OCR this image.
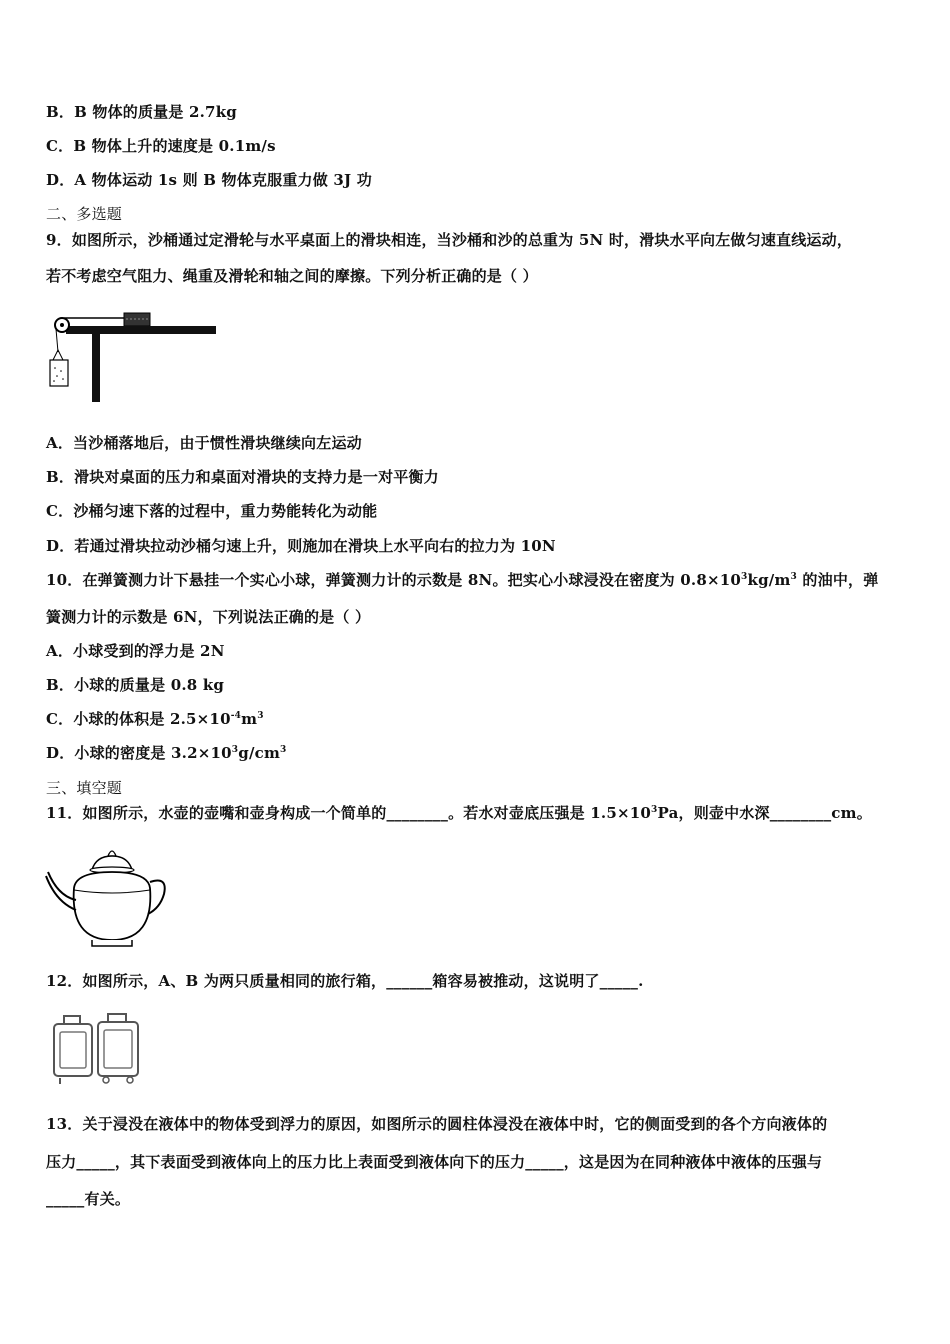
B．B 物体的质量是 2.7kg
C．B 物体上升的速度是 0.1m/s
D．A 物体运动 1s 则 B 物体克服重力做 3J 功
二、多选题
9．如图所示，沙桶通过定滑轮与水平桌面上的滑块相连，当沙桶和沙的总重为 5N 时，滑块水平向左做匀速直线运动，
若不考虑空气阻力、绳重及滑轮和轴之间的摩擦。下列分析正确的是（ ）
A．当沙桶落地后，由于惯性滑块继续向左运动
B．滑块对桌面的压力和桌面对滑块的支持力是一对平衡力
C．沙桶匀速下落的过程中，重力势能转化为动能
D．若通过滑块拉动沙桶匀速上升，则施加在滑块上水平向右的拉力为 10N
10．在弹簧测力计下悬挂一个实心小球，弹簧测力计的示数是 8N。把实心小球浸没在密度为 $0.8\times 10^3kg/m^3$ 的油中，弹
簧测力计的示数是 6N，下列说法正确的是（ ）
A．小球受到的浮力是 2N
B．小球的质量是 0.8 kg
C．小球的体积是 $2.5\times 10^{-4}m^3$
D．小球的密度是 $3.2\times 10^3g/cm^3$
三、填空题
11．如图所示，水壶的壶嘴和壶身构成一个简单的________。若水对壶底压强是 $1.5\times 10^3Pa$，则壶中水深________cm。
12．如图所示，A、B 为两只质量相同的旅行箱，______箱容易被推动，这说明了_____.
13．关于浸没在液体中的物体受到浮力的原因，如图所示的圆柱体浸没在液体中时，它的侧面受到的各个方向液体的
压力_____，其下表面受到液体向上的压力比上表面受到液体向下的压力_____，这是因为在同种液体中液体的压强与
_____有关。
